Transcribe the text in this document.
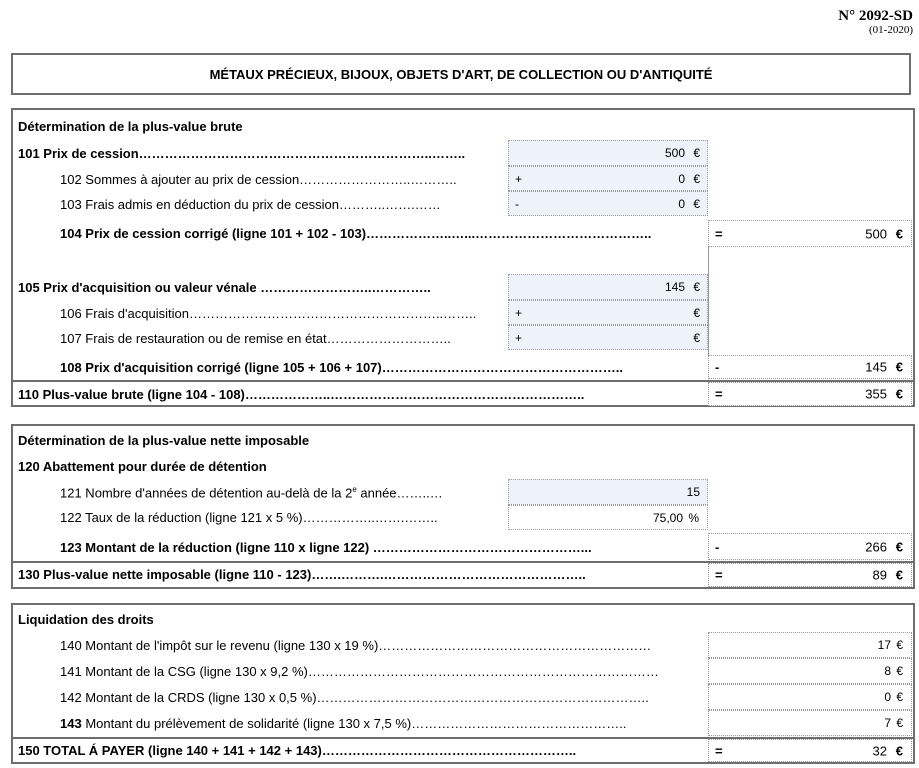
N° 2092-SD
(01-2020)
MÉTAUX PRÉCIEUX, BIJOUX, OBJETS D'ART, DE COLLECTION OU D'ANTIQUITÉ
Détermination de la plus-value brute
101 Prix de cession…………………………………………………………..……..	500 €
102 Sommes à ajouter au prix de cession……………………..………..	+	0 €
103 Frais admis en déduction du prix de cession………..…….……	-	0 €
104 Prix de cession corrigé (ligne 101 + 102 - 103)………………..…...…………………………………..	=	500 €
105 Prix d'acquisition ou valeur vénale ……………………..…………..	145 €
106 Frais d'acquisition…………………………………………………..……..	+	€
107 Frais de restauration ou de remise en état………………………..	+	€
108 Prix d'acquisition corrigé (ligne 105 + 106 + 107)………………………………………………..	-	145 €
110 Plus-value brute (ligne 104 - 108)………………..…………………………………………………..	=	355 €
Détermination de la plus-value nette imposable
120 Abattement pour durée de détention
121 Nombre d'années de détention au-delà de la 2e année……..…	15
122 Taux de la réduction (ligne 121 x 5 %)……………..…….……..	75,00 %
123 Montant de la réduction (ligne 110 x ligne 122) …………………………………………...	-	266 €
130 Plus-value nette imposable (ligne 110 - 123)…….……….………………………………………..	=	89 €
Liquidation des droits
140 Montant de l'impôt sur le revenu (ligne 130 x 19 %)………………………………………………………	17 €
141 Montant de la CSG (ligne 130 x 9,2 %)………………………………………………………………………	8 €
142 Montant de la CRDS (ligne 130 x 0,5 %)…………………………………………………………………..	0 €
143 Montant du prélèvement de solidarité (ligne 130 x 7,5 %)…………………………………………..	7 €
150 TOTAL Á PAYER (ligne 140 + 141 + 142 + 143)…………………………………………………..	=	32 €
